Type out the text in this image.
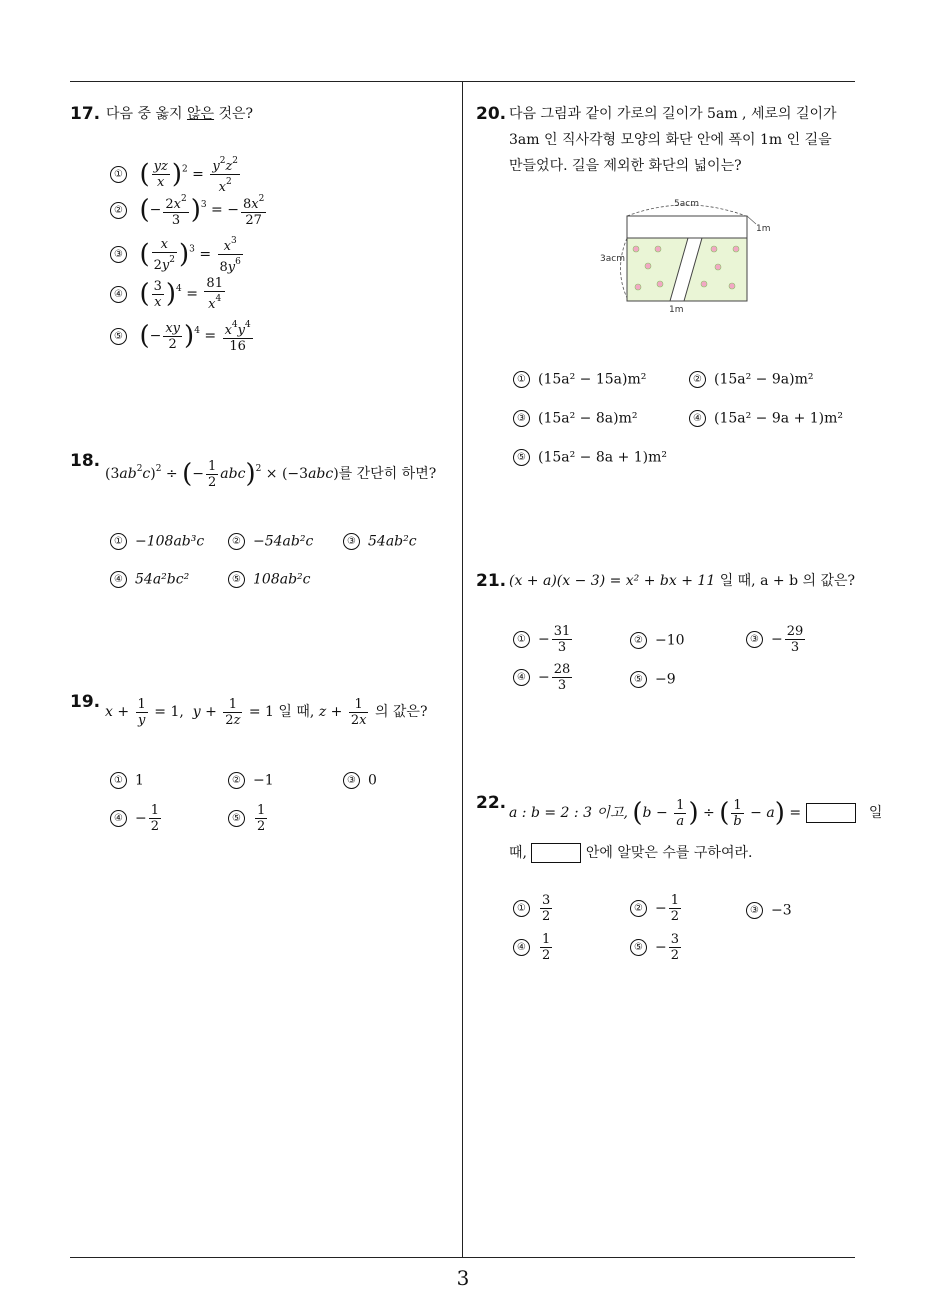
3
17. 다음 중 옳지 않은 것은?
① ( $\frac{yz}{x} )^2 = \frac{y^2z^2}{x^2}$
② (− $\frac{2x^2}{3} )^3$ = − $\frac{8x^2}{27}$
③ ( $\frac{x}{2y^2} )^3 = \frac{x^3}{8y^6}$
④ ( $\frac{3}{x} )^4 = \frac{81}{x^4}$
⑤ (− $\frac{xy}{2} )^4 = \frac{x^4y^4}{16}$
18.
$(3ab^2c)^2$ ÷ (− $\frac{1}{2} abc)^2 \times (-3abc)$를 간단히 하면?
① −108ab³c	② −54ab²c	③ 54ab²c
④ 54a²bc²	⑤ 108ab²c
19. $x + \frac{1}{y} = 1$,  $y + \frac{1}{2z} = 1$ 일 때, $z + \frac{1}{2x}$ 의 값은?
① 1	② −1	③ 0
④ − $\frac{1}{2}$	⑤ $\frac{1}{2}$
20. 다음 그림과 같이 가로의 길이가 5am , 세로의 길이가
3am 인 직사각형 모양의 화단 안에 폭이 1m 인 길을
만들었다. 길을 제외한 화단의 넓이는?
5acm
1m
3acm
1m
① (15a² − 15a)m²	② (15a² − 9a)m²
③ (15a² − 8a)m²	④ (15a² − 9a + 1)m²
⑤ (15a² − 8a + 1)m²
21. (x + a)(x − 3) = x² + bx + 11 일 때, a + b 의 값은?
① − $\frac{31}{3}$	② −10	③ − $\frac{29}{3}$
④ − $\frac{28}{3}$	⑤ −9
22. a : b = 2 : 3 이고, ($b - \frac{1}{a}$ ) ÷ ( $\frac{1}{b} - a$) =	일
때,	안에 알맞은 수를 구하여라.
① $\frac{3}{2}$	② − $\frac{1}{2}$	③ −3
④ $\frac{1}{2}$	⑤ − $\frac{3}{2}$
